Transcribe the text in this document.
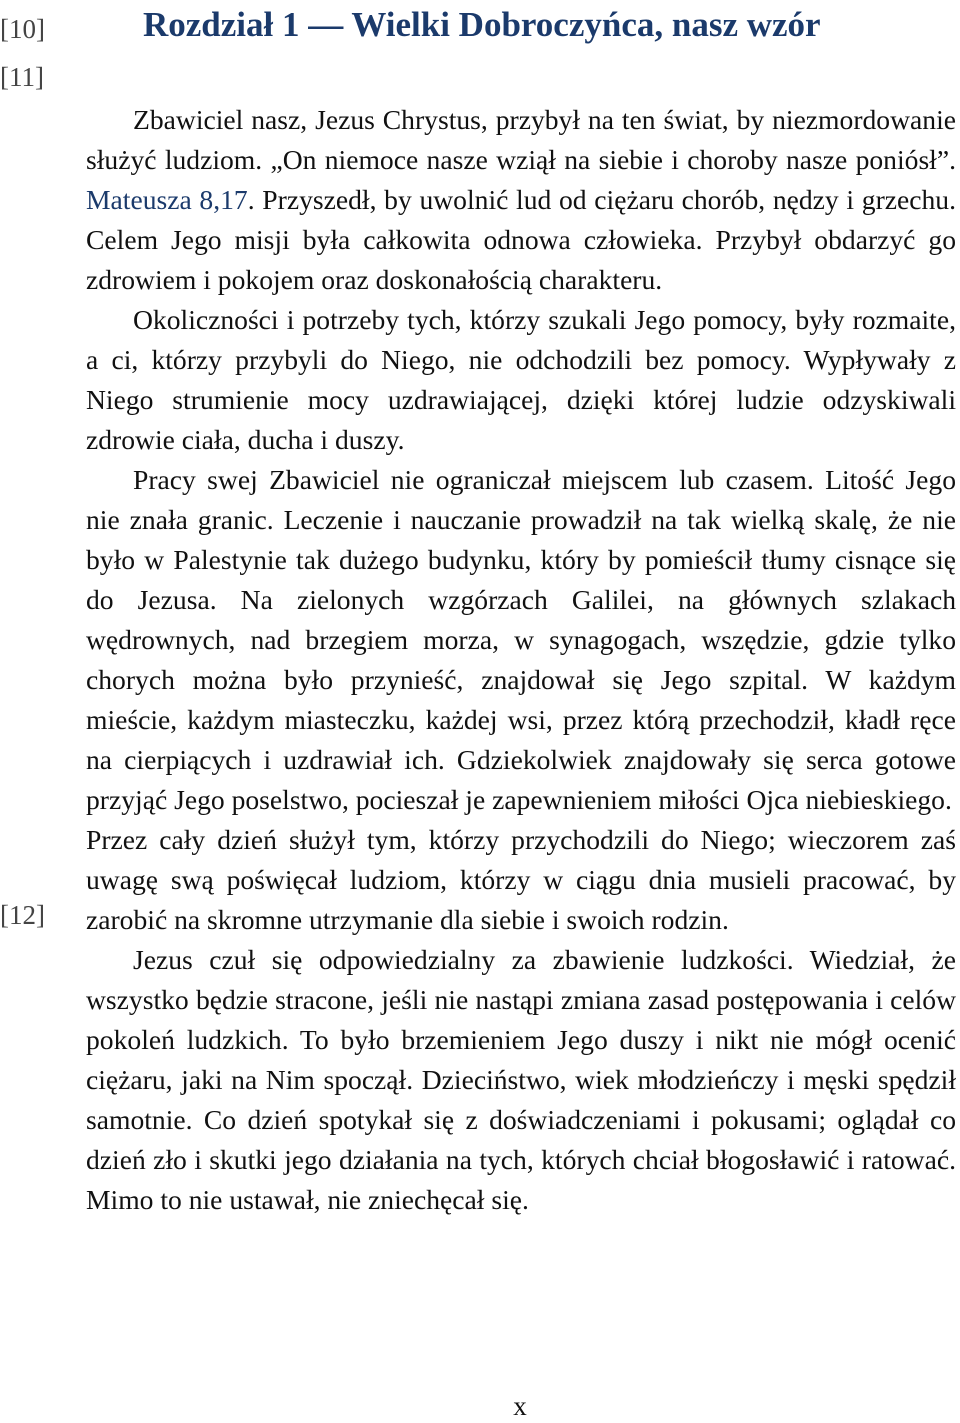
[10]
[11]
[12]
Rozdział 1 — Wielki Dobroczyńca, nasz wzór

Zbawiciel nasz, Jezus Chrystus, przybył na ten świat, by niezmordowanie służyć ludziom. „On niemoce nasze wziął na siebie i choroby nasze poniósł”. Mateusza 8,17. Przyszedł, by uwolnić lud od ciężaru chorób, nędzy i grzechu. Celem Jego misji była całkowita odnowa człowieka. Przybył obdarzyć go zdrowiem i pokojem oraz doskonałością charakteru.

Okoliczności i potrzeby tych, którzy szukali Jego pomocy, były rozmaite, a ci, którzy przybyli do Niego, nie odchodzili bez pomocy. Wypływały z Niego strumienie mocy uzdrawiającej, dzięki której ludzie odzyskiwali zdrowie ciała, ducha i duszy.

Pracy swej Zbawiciel nie ograniczał miejscem lub czasem. Litość Jego nie znała granic. Leczenie i nauczanie prowadził na tak wielką skalę, że nie było w Palestynie tak dużego budynku, który by pomieścił tłumy cisnące się do Jezusa. Na zielonych wzgórzach Galilei, na głównych szlakach wędrownych, nad brzegiem morza, w synagogach, wszędzie, gdzie tylko chorych można było przynieść, znajdował się Jego szpital. W każdym mieście, każdym miasteczku, każdej wsi, przez którą przechodził, kładł ręce na cierpiących i uzdrawiał ich. Gdziekolwiek znajdowały się serca gotowe przyjąć Jego poselstwo, pocieszał je zapewnieniem miłości Ojca niebieskiego.

Przez cały dzień służył tym, którzy przychodzili do Niego; wieczorem zaś uwagę swą poświęcał ludziom, którzy w ciągu dnia musieli pracować, by zarobić na skromne utrzymanie dla siebie i swoich rodzin.

Jezus czuł się odpowiedzialny za zbawienie ludzkości. Wiedział, że wszystko będzie stracone, jeśli nie nastąpi zmiana zasad postępowania i celów pokoleń ludzkich. To było brzemieniem Jego duszy i nikt nie mógł ocenić ciężaru, jaki na Nim spoczął. Dzieciństwo, wiek młodzieńczy i męski spędził samotnie. Co dzień spotykał się z doświadczeniami i pokusami; oglądał co dzień zło i skutki jego działania na tych, których chciał błogosławić i ratować. Mimo to nie ustawał, nie zniechęcał się.

x
